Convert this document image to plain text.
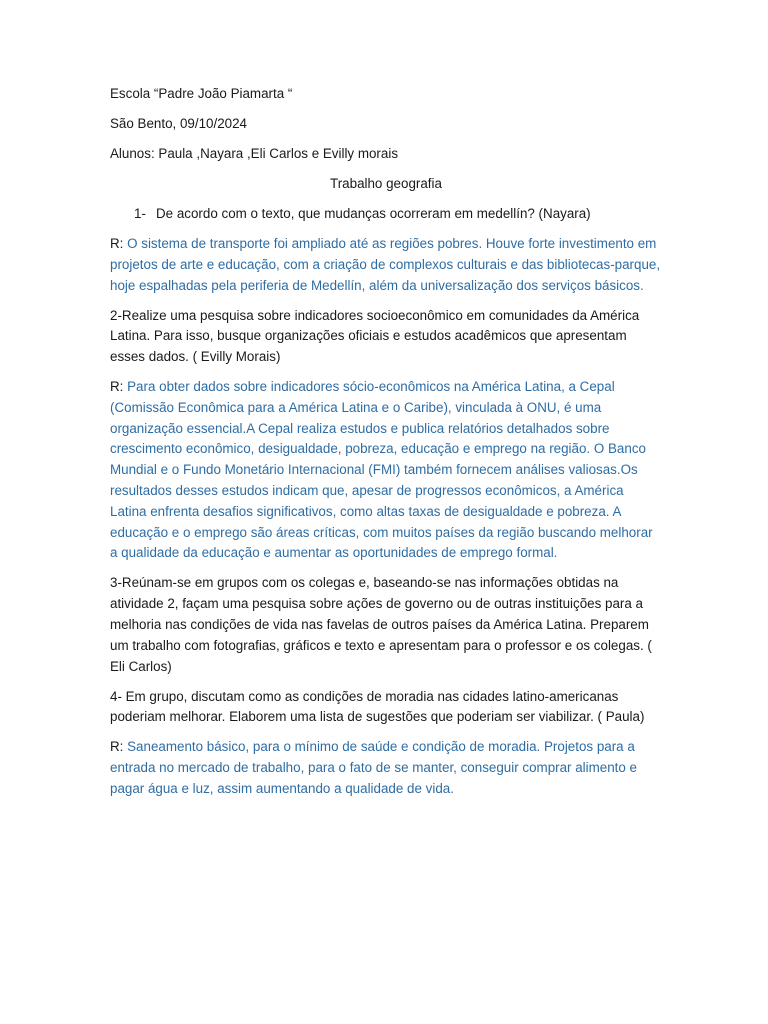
Escola “Padre João Piamarta “
São Bento, 09/10/2024
Alunos: Paula ,Nayara ,Eli Carlos e Evilly morais
Trabalho geografia
1- De acordo com o texto, que mudanças ocorreram em medellín? (Nayara)
R: O sistema de transporte foi ampliado até as regiões pobres. Houve forte investimento em projetos de arte e educação, com a criação de complexos culturais e das bibliotecas-parque, hoje espalhadas pela periferia de Medellín, além da universalização dos serviços básicos.
2-Realize uma pesquisa sobre indicadores socioeconômico em comunidades da América Latina. Para isso, busque organizações oficiais e estudos acadêmicos que apresentam esses dados. ( Evilly Morais)
R: Para obter dados sobre indicadores sócio-econômicos na América Latina, a Cepal (Comissão Econômica para a América Latina e o Caribe), vinculada à ONU, é uma organização essencial.A Cepal realiza estudos e publica relatórios detalhados sobre crescimento econômico, desigualdade, pobreza, educação e emprego na região. O Banco Mundial e o Fundo Monetário Internacional (FMI) também fornecem análises valiosas.Os resultados desses estudos indicam que, apesar de progressos econômicos, a América Latina enfrenta desafios significativos, como altas taxas de desigualdade e pobreza. A educação e o emprego são áreas críticas, com muitos países da região buscando melhorar a qualidade da educação e aumentar as oportunidades de emprego formal.
3-Reúnam-se em grupos com os colegas e, baseando-se nas informações obtidas na atividade 2, façam uma pesquisa sobre ações de governo ou de outras instituições para a melhoria nas condições de vida nas favelas de outros países da América Latina. Preparem um trabalho com fotografias, gráficos e texto e apresentam para o professor e os colegas. ( Eli Carlos)
4- Em grupo, discutam como as condições de moradia nas cidades latino-americanas poderiam melhorar. Elaborem uma lista de sugestões que poderiam ser viabilizar. ( Paula)
R: Saneamento básico, para o mínimo de saúde e condição de moradia. Projetos para a entrada no mercado de trabalho, para o fato de se manter, conseguir comprar alimento e pagar água e luz, assim aumentando a qualidade de vida.
